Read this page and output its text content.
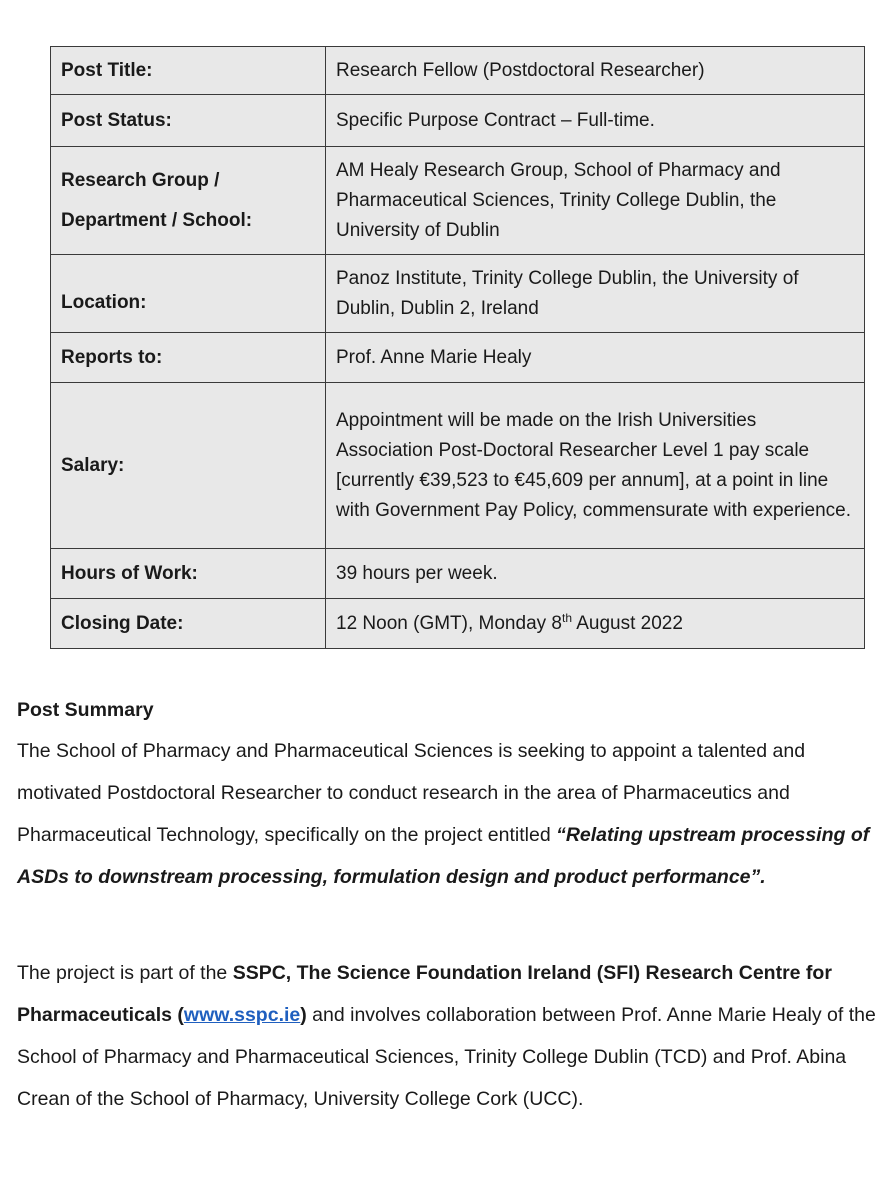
Post Title:	Research Fellow (Postdoctoral Researcher)
Post Status:	Specific Purpose Contract – Full-time.

Research Group /
Department / School:	AM Healy Research Group, School of Pharmacy and Pharmaceutical Sciences, Trinity College Dublin, the University of Dublin
Location:	Panoz Institute, Trinity College Dublin, the University of Dublin, Dublin 2, Ireland
Reports to:	Prof. Anne Marie Healy
Salary:	Appointment will be made on the Irish Universities Association Post-Doctoral Researcher Level 1 pay scale [currently €39,523 to €45,609 per annum], at a point in line with Government Pay Policy, commensurate with experience.
Hours of Work:	39 hours per week.
Closing Date:	12 Noon (GMT), Monday 8th August 2022
Post Summary

The School of Pharmacy and Pharmaceutical Sciences is seeking to appoint a talented and motivated Postdoctoral Researcher to conduct research in the area of Pharmaceutics and Pharmaceutical Technology, specifically on the project entitled “Relating upstream processing of ASDs to downstream processing, formulation design and product performance”.

The project is part of the SSPC, The Science Foundation Ireland (SFI) Research Centre for Pharmaceuticals (www.sspc.ie) and involves collaboration between Prof. Anne Marie Healy of the School of Pharmacy and Pharmaceutical Sciences, Trinity College Dublin (TCD) and Prof. Abina Crean of the School of Pharmacy, University College Cork (UCC).
